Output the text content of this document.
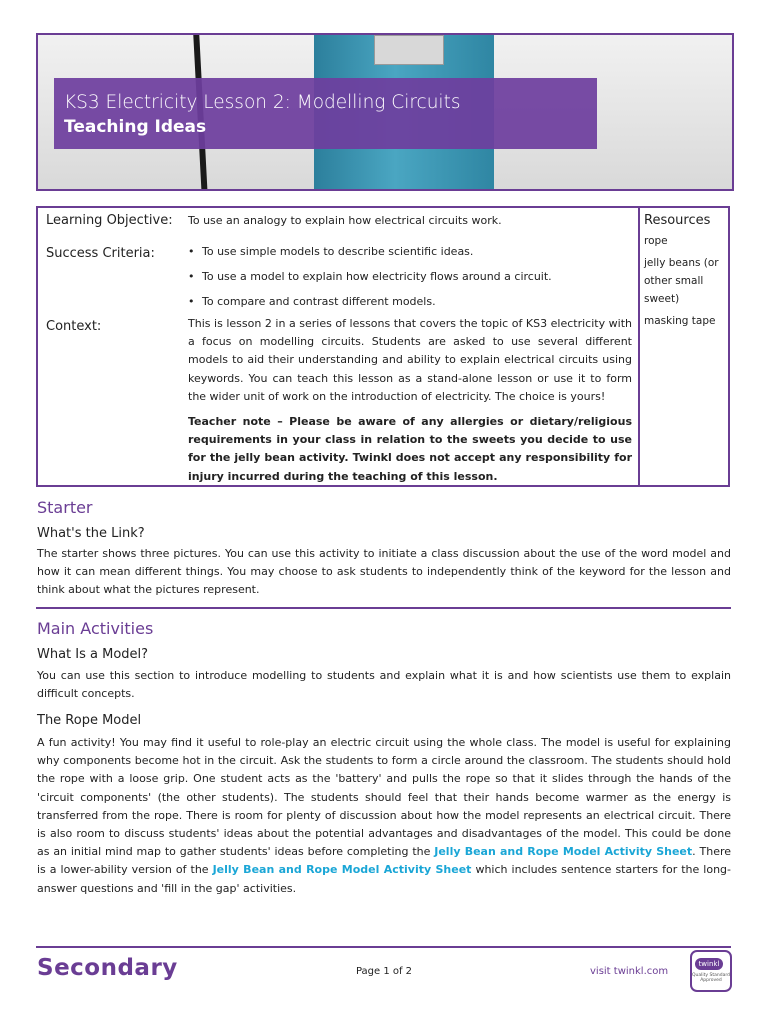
KS3 Electricity Lesson 2: Modelling Circuits
Teaching Ideas
Learning Objective: To use an analogy to explain how electrical circuits work.
Success Criteria:
•	To use simple models to describe scientific ideas.
• To use a model to explain how electricity flows around a circuit.
• To compare and contrast different models.
Context:	This is lesson 2 in a series of lessons that covers the topic of KS3 electricity with a focus on modelling circuits. Students are asked to use several different models to aid their understanding and ability to explain electrical circuits using keywords. You can teach this lesson as a stand-alone lesson or use it to form the wider unit of work on the introduction of electricity. The choice is yours!
Teacher note – Please be aware of any allergies or dietary/religious requirements in your class in relation to the sweets you decide to use for the jelly bean activity. Twinkl does not accept any responsibility for injury incurred during the teaching of this lesson.
Resources
rope
jelly beans (or other small sweet)
masking tape
Starter
What's the Link?
The starter shows three pictures. You can use this activity to initiate a class discussion about the use of the word model and how it can mean different things. You may choose to ask students to independently think of the keyword for the lesson and think about what the pictures represent.
Main Activities
What Is a Model?
You can use this section to introduce modelling to students and explain what it is and how scientists use them to explain difficult concepts.
The Rope Model
A fun activity! You may find it useful to role-play an electric circuit using the whole class. The model is useful for explaining why components become hot in the circuit. Ask the students to form a circle around the classroom. The students should hold the rope with a loose grip. One student acts as the 'battery' and pulls the rope so that it slides through the hands of the 'circuit components' (the other students). The students should feel that their hands become warmer as the energy is transferred from the rope. There is room for plenty of discussion about how the model represents an electrical circuit. There is also room to discuss students' ideas about the potential advantages and disadvantages of the model. This could be done as an initial mind map to gather students' ideas before completing the Jelly Bean and Rope Model Activity Sheet. There is a lower-ability version of the Jelly Bean and Rope Model Activity Sheet which includes sentence starters for the long-answer questions and 'fill in the gap' activities.
Secondary	Page 1 of 2	visit twinkl.com
twinkl
Quality Standard Approved
